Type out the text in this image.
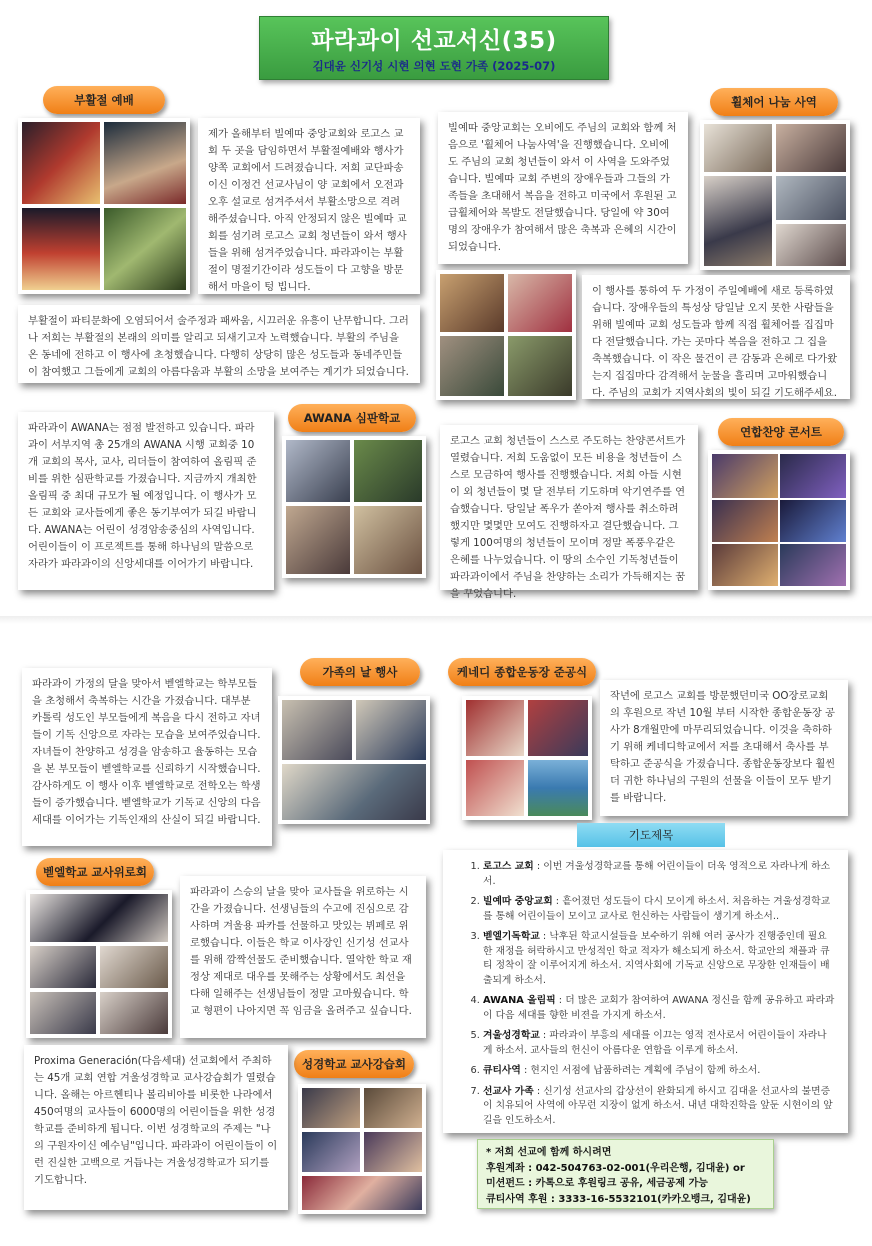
파라과이 선교서신(35)
김대윤 신기성 시현 의현 도현 가족 (2025-07)
부활절 예배
제가 올해부터 빌예따 중앙교회와 로고스 교회 두 곳을 담임하면서 부활절예배와 행사가 양쪽 교회에서 드려졌습니다. 저희 교단파송이신 이정건 선교사님이 양 교회에서 오전과 오후 설교로 섬겨주셔서 부활소망으로 격려해주셨습니다. 아직 안정되지 않은 빌예따 교회를 섬기려 로고스 교회 청년들이 와서 행사들을 위해 섬겨주었습니다. 파라과이는 부활절이 명절기간이라 성도들이 다 고향을 방문해서 마을이 텅 빕니다.
부활절이 파티문화에 오염되어서 술주정과 패싸움, 시끄러운 유흥이 난무합니다. 그러나 저희는 부활절의 본래의 의미를 알리고 되새기고자 노력했습니다. 부활의 주님을 온 동네에 전하고 이 행사에 초청했습니다. 다행히 상당히 많은 성도들과 동네주민들이 참여했고 그들에게 교회의 아름다움과 부활의 소망을 보여주는 계기가 되었습니다.
휠체어 나눔 사역
빌예따 중앙교회는 오비에도 주님의 교회와 함께 처음으로 '휠체어 나눔사역'을 진행했습니다. 오비에도 주님의 교회 청년들이 와서 이 사역을 도와주었습니다. 빌예따 교회 주변의 장애우들과 그들의 가족들을 초대해서 복음을 전하고 미국에서 후원된 고급휠체어와 목발도 전달했습니다. 당일에 약 30여명의 장애우가 참여해서 많은 축복과 은혜의 시간이 되었습니다.
이 행사를 통하여 두 가정이 주일예배에 새로 등록하였습니다. 장애우들의 특성상 당일날 오지 못한 사람들을 위해 빌예따 교회 성도들과 함께 직접 휠체어를 집집마다 전달했습니다. 가는 곳마다 복음을 전하고 그 집을 축복했습니다. 이 작은 물건이 큰 감동과 은혜로 다가왔는지 집집마다 감격해서 눈물을 흘리며 고마워했습니다. 주님의 교회가 지역사회의 빛이 되길 기도해주세요.
AWANA 심판학교
파라과이 AWANA는 점점 발전하고 있습니다. 파라과이 서부지역 총 25개의 AWANA 시행 교회중 10개 교회의 목사, 교사, 리더들이 참여하여 올림픽 준비를 위한 심판학교를 가졌습니다. 지금까지 개최한 올림픽 중 최대 규모가 될 예정입니다. 이 행사가 모든 교회와 교사들에게 좋은 동기부여가 되길 바랍니다. AWANA는 어린이 성경암송중심의 사역입니다. 어린이들이 이 프로젝트를 통해 하나님의 말씀으로 자라가 파라과이의 신앙세대를 이어가기 바랍니다.
연합찬양 콘서트
로고스 교회 청년들이 스스로 주도하는 찬양콘서트가 열렸습니다. 저희 도움없이 모든 비용을 청년들이 스스로 모금하여 행사를 진행했습니다. 저희 아들 시현이 외 청년들이 몇 달 전부터 기도하며 악기연주를 연습했습니다. 당일날 폭우가 쏟아져 행사를 취소하려 했지만 몇몇만 모여도 진행하자고 결단했습니다. 그렇게 100여명의 청년들이 모이며 정말 폭풍우같은 은혜를 나누었습니다. 이 땅의 소수인 기독청년들이 파라과이에서 주님을 찬양하는 소리가 가득해지는 꿈을 꾸었습니다.
가족의 날 행사
파라과이 가정의 달을 맞아서 벧엘학교는 학부모들을 초청해서 축복하는 시간을 가졌습니다. 대부분 카톨릭 성도인 부모들에게 복음을 다시 전하고 자녀들이 기독 신앙으로 자라는 모습을 보여주었습니다. 자녀들이 찬양하고 성경을 암송하고 율동하는 모습을 본 부모들이 벧엘학교를 신뢰하기 시작했습니다. 감사하게도 이 행사 이후 벧엘학교로 전학오는 학생들이 증가했습니다. 벧엘학교가 기독교 신앙의 다음 세대를 이어가는 기독인재의 산실이 되길 바랍니다.
케네디 종합운동장 준공식
작년에 로고스 교회를 방문했던미국 OO장로교회의 후원으로 작년 10월 부터 시작한 종합운동장 공사가 8개월만에 마무리되었습니다. 이것을 축하하기 위해 케네디학교에서 저를 초대해서 축사를 부탁하고 준공식을 가졌습니다. 종합운동장보다 훨씬 더 귀한 하나님의 구원의 선물을 이들이 모두 받기를 바랍니다.
벧엘학교 교사위로회
파라과이 스승의 날을 맞아 교사들을 위로하는 시간을 가졌습니다. 선생님들의 수고에 진심으로 감사하며 겨울용 파카를 선물하고 맛있는 뷔페로 위로했습니다. 이들은 학교 이사장인 신기성 선교사를 위해 깜짝선물도 준비했습니다. 열악한 학교 재정상 제대로 대우를 못해주는 상황에서도 최선을 다해 일해주는 선생님들이 정말 고마웠습니다. 학교 형편이 나아지면 꼭 임금을 올려주고 싶습니다.
성경학교 교사강습회
Proxima Generación(다음세대) 선교회에서 주최하는 45개 교회 연합 겨울성경학교 교사강습회가 열렸습니다. 올해는 아르헨티나 볼리비아를 비롯한 나라에서 450여명의 교사들이 6000명의 어린이들을 위한 성경학교를 준비하게 됩니다. 이번 성경학교의 주제는 "나의 구원자이신 예수님"입니다. 파라과이 어린이들이 이런 진실한 고백으로 거듭나는 겨울성경학교가 되기를 기도합니다.
기도제목
1. 로고스 교회 : 이번 겨울성경학교를 통해 어린이들이 더욱 영적으로 자라나게 하소서.
2. 빌예따 중앙교회 : 흩어졌던 성도들이 다시 모이게 하소서. 처음하는 겨울성경학교를 통해 어린이들이 모이고 교사로 헌신하는 사람들이 생기게 하소서..
3. 벧엘기독학교 : 낙후된 학교시설들을 보수하기 위해 여러 공사가 진행중인데 필요한 재정을 허락하시고 만성적인 학교 적자가 해소되게 하소서. 학교안의 채플과 큐티 정착이 잘 이루어지게 하소서. 지역사회에 기독교 신앙으로 무장한 인재들이 배출되게 하소서.
4. AWANA 올림픽 : 더 많은 교회가 참여하여 AWANA 정신을 함께 공유하고 파라과이 다음 세대를 향한 비젼을 가지게 하소서.
5. 겨울성경학교 : 파라과이 부흥의 세대를 이끄는 영적 전사로서 어린이들이 자라나게 하소서. 교사들의 헌신이 아름다운 연합을 이루게 하소서.
6. 큐티사역 : 현지인 서점에 납품하려는 계획에 주님이 함께 하소서.
7. 선교사 가족 : 신기성 선교사의 갑상선이 완화되게 하시고 김대윤 선교사의 불면증이 치유되어 사역에 아무런 지장이 없게 하소서. 내년 대학진학을 앞둔 시현이의 앞길을 인도하소서.
* 저희 선교에 함께 하시려면
후원계좌 : 042-504763-02-001(우리은행, 김대윤) or
미션펀드 : 카톡으로 후원링크 공유, 세금공제 가능
큐티사역 후원 : 3333-16-5532101(카카오뱅크, 김대윤)
